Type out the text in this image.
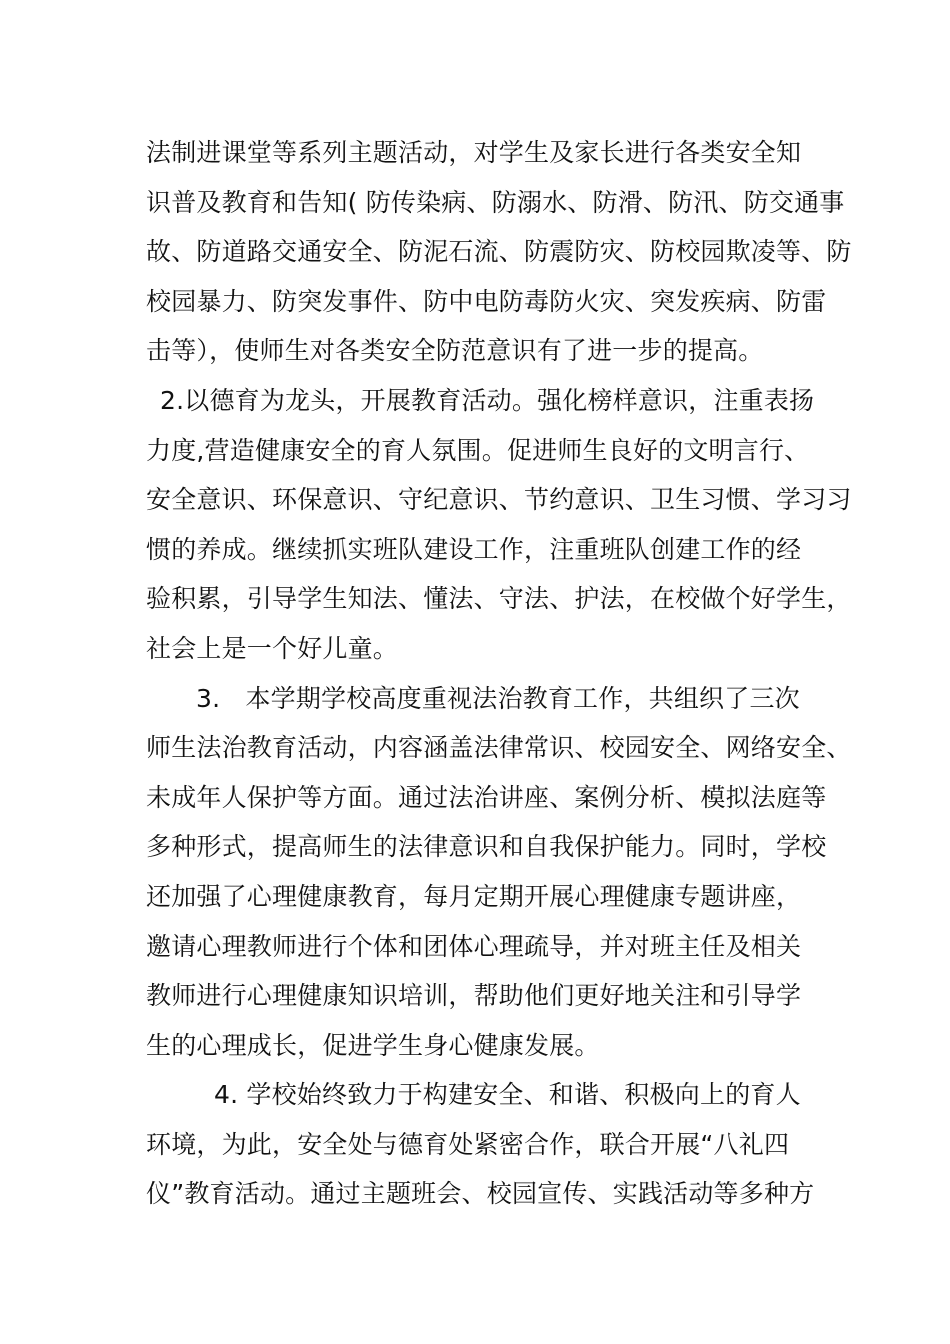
法制进课堂等系列主题活动，对学生及家长进行各类安全知
识普及教育和告知( 防传染病、防溺水、防滑、防汛、防交通事
故、防道路交通安全、防泥石流、防震防灾、防校园欺凌等、防
校园暴力、防突发事件、防中电防毒防火灾、突发疾病、防雷
击等），使师生对各类安全防范意识有了进一步的提高。
2.以德育为龙头，开展教育活动。强化榜样意识，注重表扬
力度,营造健康安全的育人氛围。促进师生良好的文明言行、
安全意识、环保意识、守纪意识、节约意识、卫生习惯、学习习
惯的养成。继续抓实班队建设工作，注重班队创建工作的经
验积累，引导学生知法、懂法、守法、护法，在校做个好学生，
社会上是一个好儿童。
3.　本学期学校高度重视法治教育工作，共组织了三次
师生法治教育活动，内容涵盖法律常识、校园安全、网络安全、
未成年人保护等方面。通过法治讲座、案例分析、模拟法庭等
多种形式，提高师生的法律意识和自我保护能力。同时，学校
还加强了心理健康教育，每月定期开展心理健康专题讲座，
邀请心理教师进行个体和团体心理疏导，并对班主任及相关
教师进行心理健康知识培训，帮助他们更好地关注和引导学
生的心理成长，促进学生身心健康发展。
4. 学校始终致力于构建安全、和谐、积极向上的育人
环境，为此，安全处与德育处紧密合作，联合开展“八礼四
仪”教育活动。通过主题班会、校园宣传、实践活动等多种方
